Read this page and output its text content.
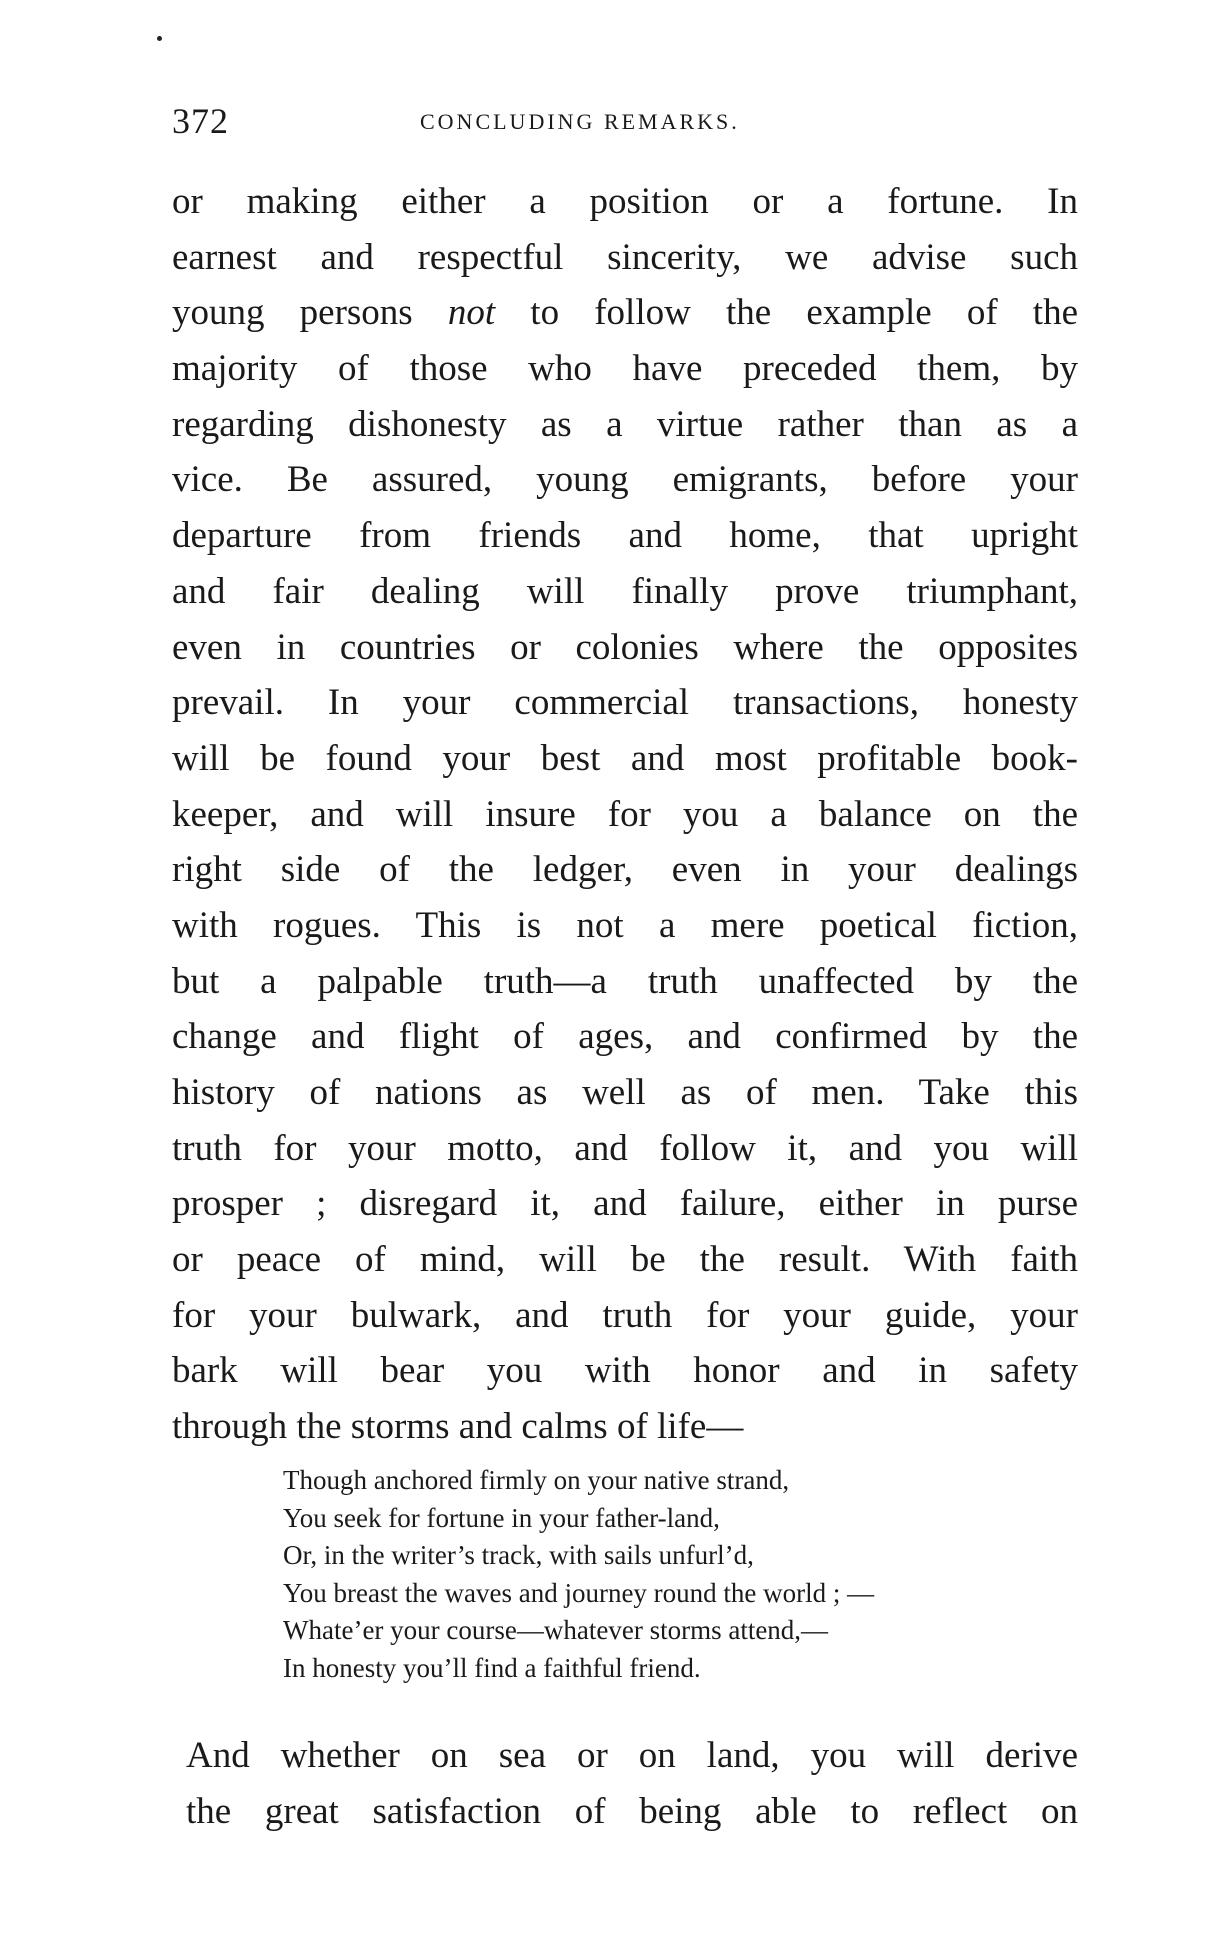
372	CONCLUDING REMARKS.
or making either a position or a fortune. In
earnest and respectful sincerity, we advise such
young persons not to follow the example of the
majority of those who have preceded them, by
regarding dishonesty as a virtue rather than as a
vice. Be assured, young emigrants, before your
departure from friends and home, that upright
and fair dealing will finally prove triumphant,
even in countries or colonies where the opposites
prevail. In your commercial transactions, honesty
will be found your best and most profitable book-
keeper, and will insure for you a balance on the
right side of the ledger, even in your dealings
with rogues. This is not a mere poetical fiction,
but a palpable truth—a truth unaffected by the
change and flight of ages, and confirmed by the
history of nations as well as of men. Take this
truth for your motto, and follow it, and you will
prosper ; disregard it, and failure, either in purse
or peace of mind, will be the result. With faith
for your bulwark, and truth for your guide, your
bark will bear you with honor and in safety
through the storms and calms of life—
Though anchored firmly on your native strand,
You seek for fortune in your father-land,
Or, in the writer’s track, with sails unfurl’d,
You breast the waves and journey round the world ; —
Whate’er your course—whatever storms attend,—
In honesty you’ll find a faithful friend.
And whether on sea or on land, you will derive
the great satisfaction of being able to reflect on
